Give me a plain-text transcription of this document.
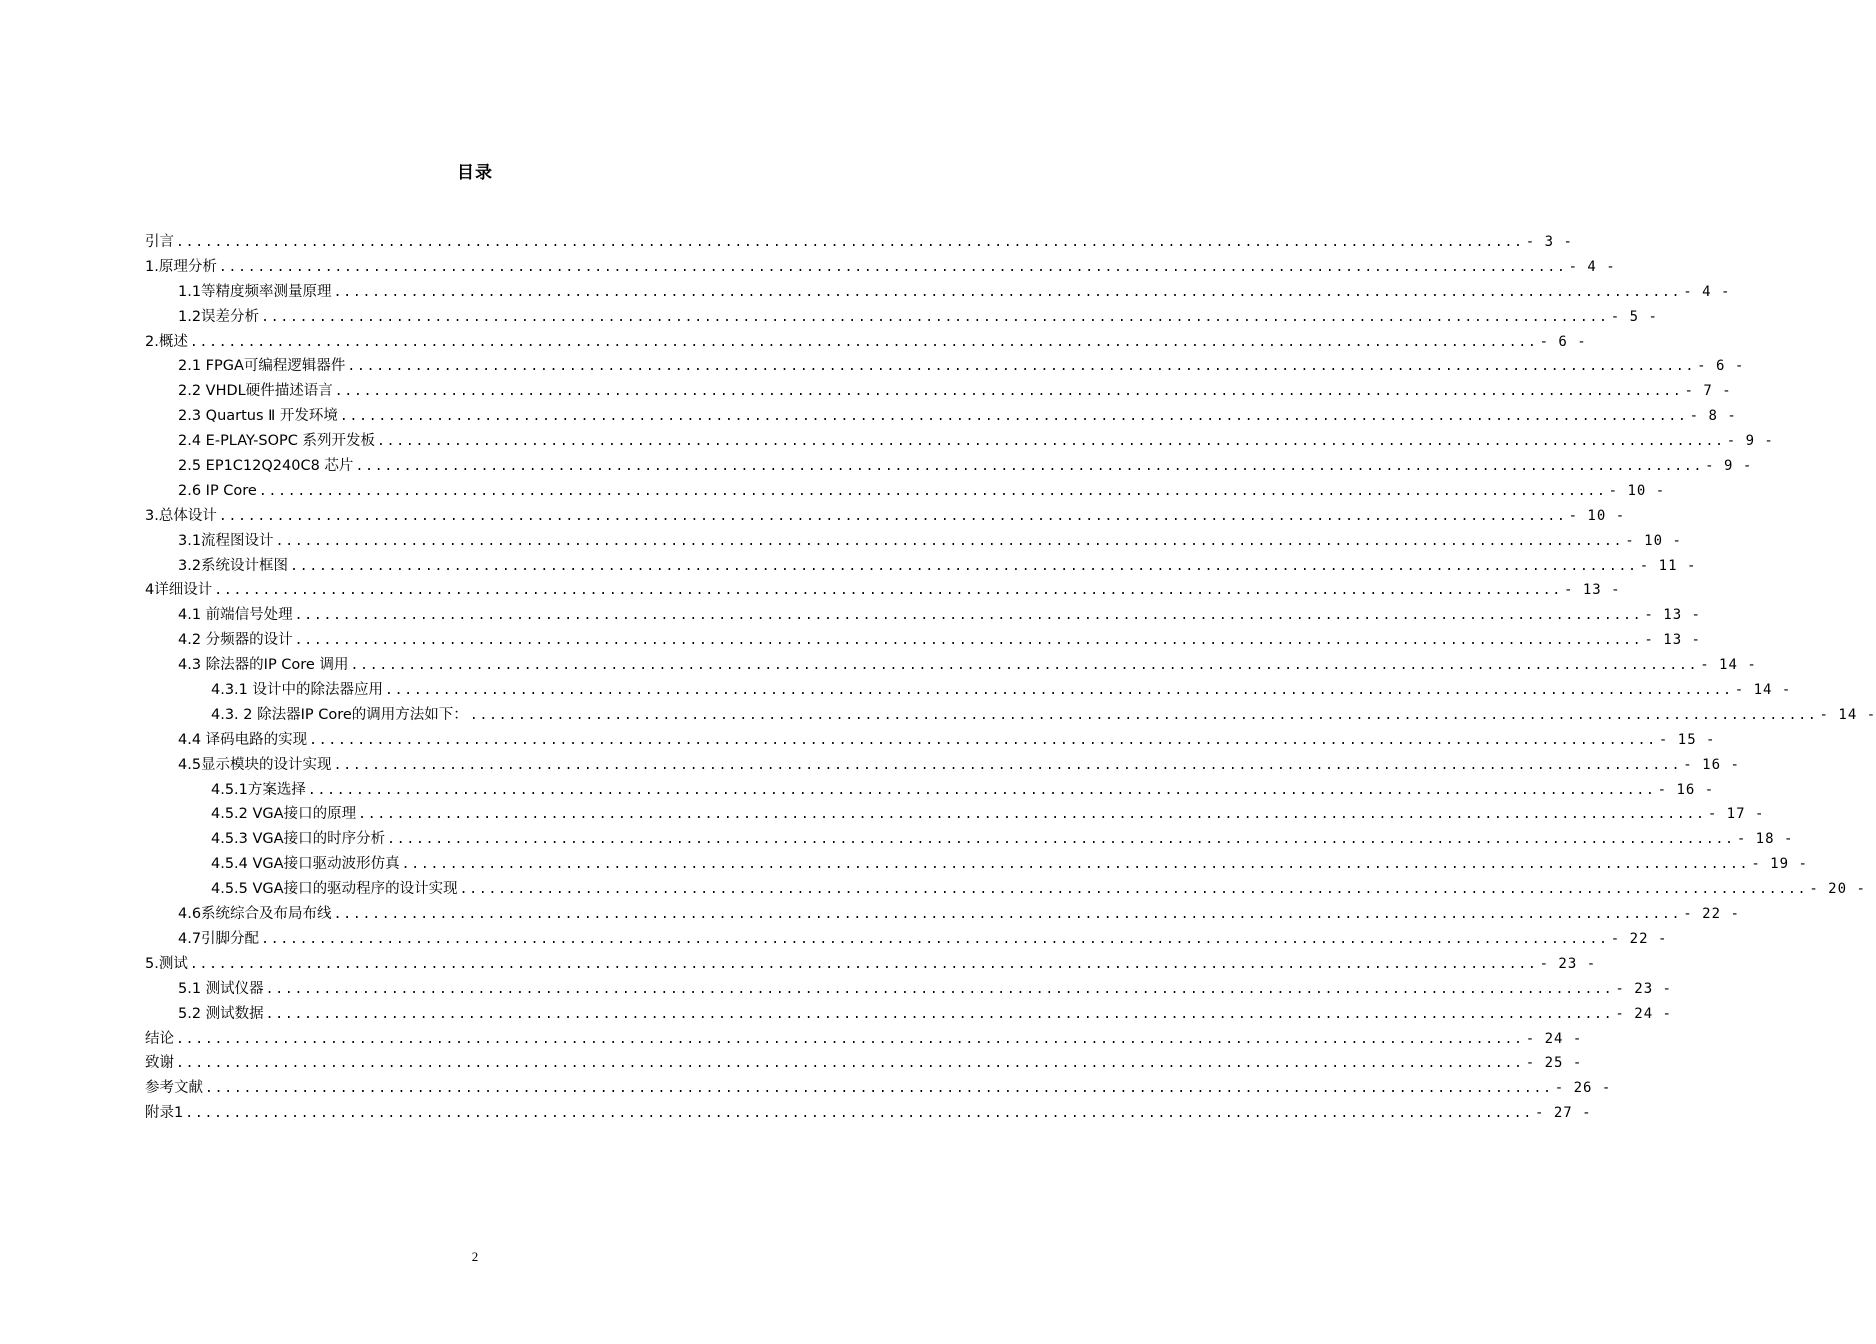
目录
引言 ............................................................................................................................................ - 3 -
1.原理分析 ............................................................................................................................................ - 4 -
1.1等精度频率测量原理 ............................................................................................................................................ - 4 -
1.2误差分析 ............................................................................................................................................ - 5 -
2.概述 ............................................................................................................................................ - 6 -
2.1 FPGA可编程逻辑器件 ............................................................................................................................................ - 6 -
2.2 VHDL硬件描述语言 ............................................................................................................................................ - 7 -
2.3 Quartus Ⅱ 开发环境 ............................................................................................................................................ - 8 -
2.4 E-PLAY-SOPC 系列开发板 ............................................................................................................................................ - 9 -
2.5 EP1C12Q240C8 芯片 ............................................................................................................................................ - 9 -
2.6 IP Core ............................................................................................................................................ - 10 -
3.总体设计 ............................................................................................................................................ - 10 -
3.1流程图设计 ............................................................................................................................................ - 10 -
3.2系统设计框图 ............................................................................................................................................ - 11 -
4详细设计 ............................................................................................................................................ - 13 -
4.1 前端信号处理 ............................................................................................................................................ - 13 -
4.2 分频器的设计 ............................................................................................................................................ - 13 -
4.3 除法器的IP Core 调用 ............................................................................................................................................ - 14 -
4.3.1 设计中的除法器应用 ............................................................................................................................................ - 14 -
4.3. 2 除法器IP Core的调用方法如下： ............................................................................................................................................ - 14 -
4.4 译码电路的实现 ............................................................................................................................................ - 15 -
4.5显示模块的设计实现 ............................................................................................................................................ - 16 -
4.5.1方案选择 ............................................................................................................................................ - 16 -
4.5.2 VGA接口的原理 ............................................................................................................................................ - 17 -
4.5.3 VGA接口的时序分析 ............................................................................................................................................ - 18 -
4.5.4 VGA接口驱动波形仿真 ............................................................................................................................................ - 19 -
4.5.5 VGA接口的驱动程序的设计实现 ............................................................................................................................................ - 20 -
4.6系统综合及布局布线 ............................................................................................................................................ - 22 -
4.7引脚分配 ............................................................................................................................................ - 22 -
5.测试 ............................................................................................................................................ - 23 -
5.1 测试仪器 ............................................................................................................................................ - 23 -
5.2 测试数据 ............................................................................................................................................ - 24 -
结论 ............................................................................................................................................ - 24 -
致谢 ............................................................................................................................................ - 25 -
参考文献 ............................................................................................................................................ - 26 -
附录1 ............................................................................................................................................ - 27 -
2
